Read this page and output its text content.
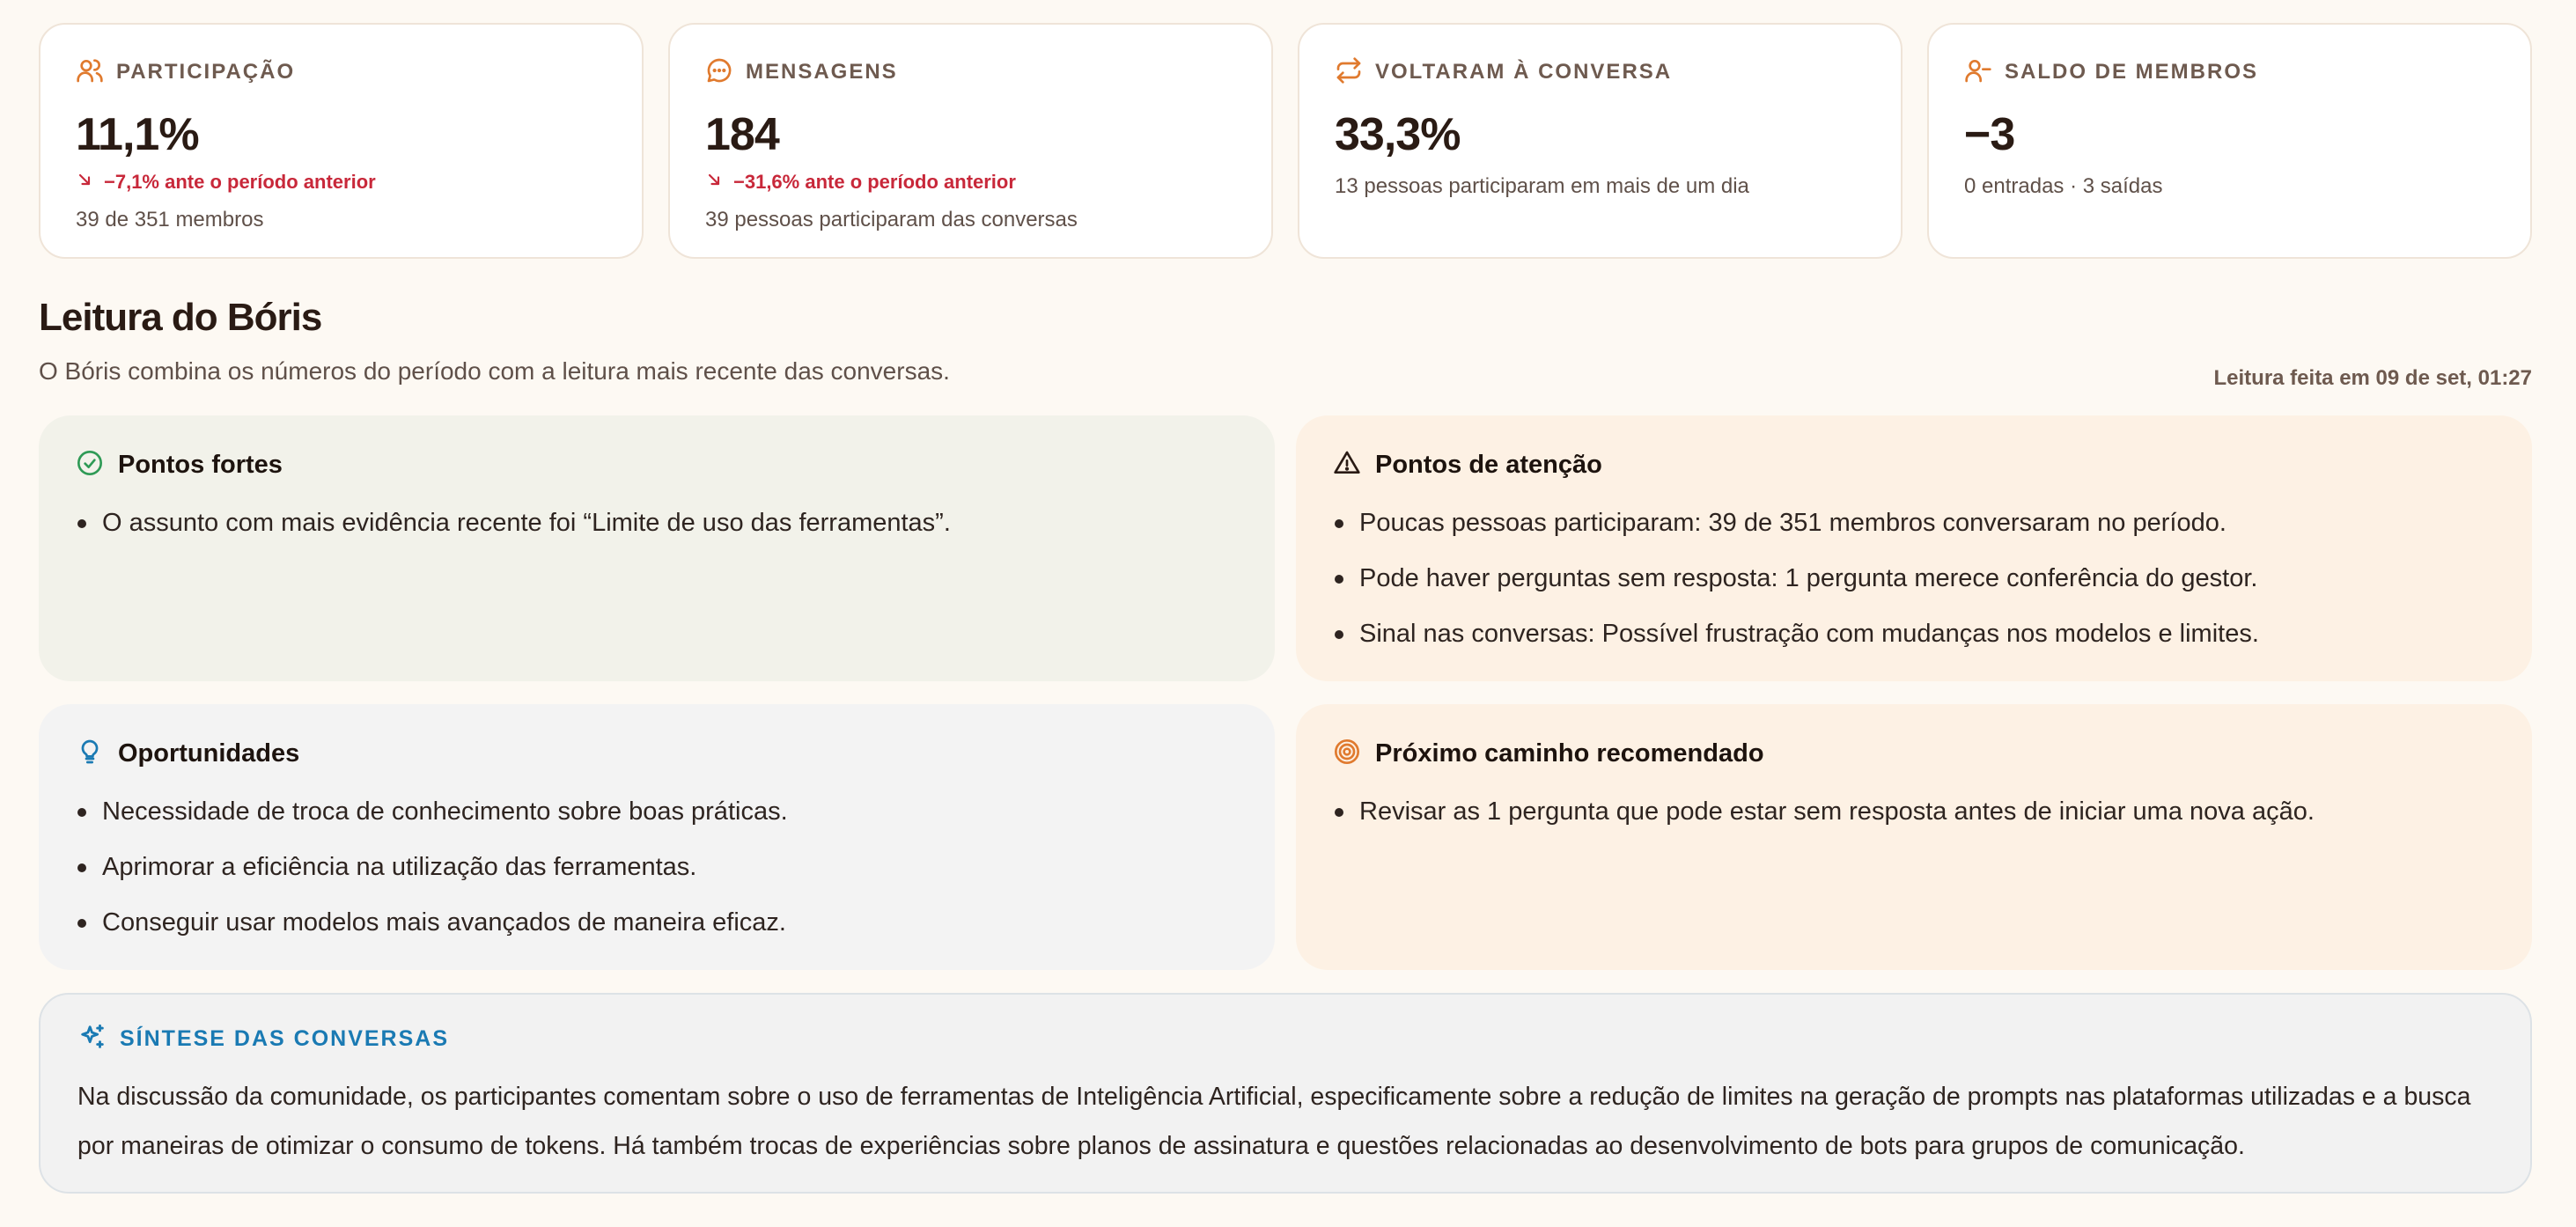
PARTICIPAÇÃO
11,1%
−7,1% ante o período anterior
39 de 351 membros
MENSAGENS
184
−31,6% ante o período anterior
39 pessoas participaram das conversas
VOLTARAM À CONVERSA
33,3%
13 pessoas participaram em mais de um dia
SALDO DE MEMBROS
−3
0 entradas · 3 saídas
Leitura do Bóris

O Bóris combina os números do período com a leitura mais recente das conversas.	Leitura feita em 09 de set, 01:27
Pontos fortes
O assunto com mais evidência recente foi “Limite de uso das ferramentas”.
Pontos de atenção
Poucas pessoas participaram: 39 de 351 membros conversaram no período.
Pode haver perguntas sem resposta: 1 pergunta merece conferência do gestor.
Sinal nas conversas: Possível frustração com mudanças nos modelos e limites.
Oportunidades
Necessidade de troca de conhecimento sobre boas práticas.
Aprimorar a eficiência na utilização das ferramentas.
Conseguir usar modelos mais avançados de maneira eficaz.
Próximo caminho recomendado
Revisar as 1 pergunta que pode estar sem resposta antes de iniciar uma nova ação.
SÍNTESE DAS CONVERSAS

Na discussão da comunidade, os participantes comentam sobre o uso de ferramentas de Inteligência Artificial, especificamente sobre a redução de limites na geração de prompts nas plataformas utilizadas e a busca por maneiras de otimizar o consumo de tokens. Há também trocas de experiências sobre planos de assinatura e questões relacionadas ao desenvolvimento de bots para grupos de comunicação.
